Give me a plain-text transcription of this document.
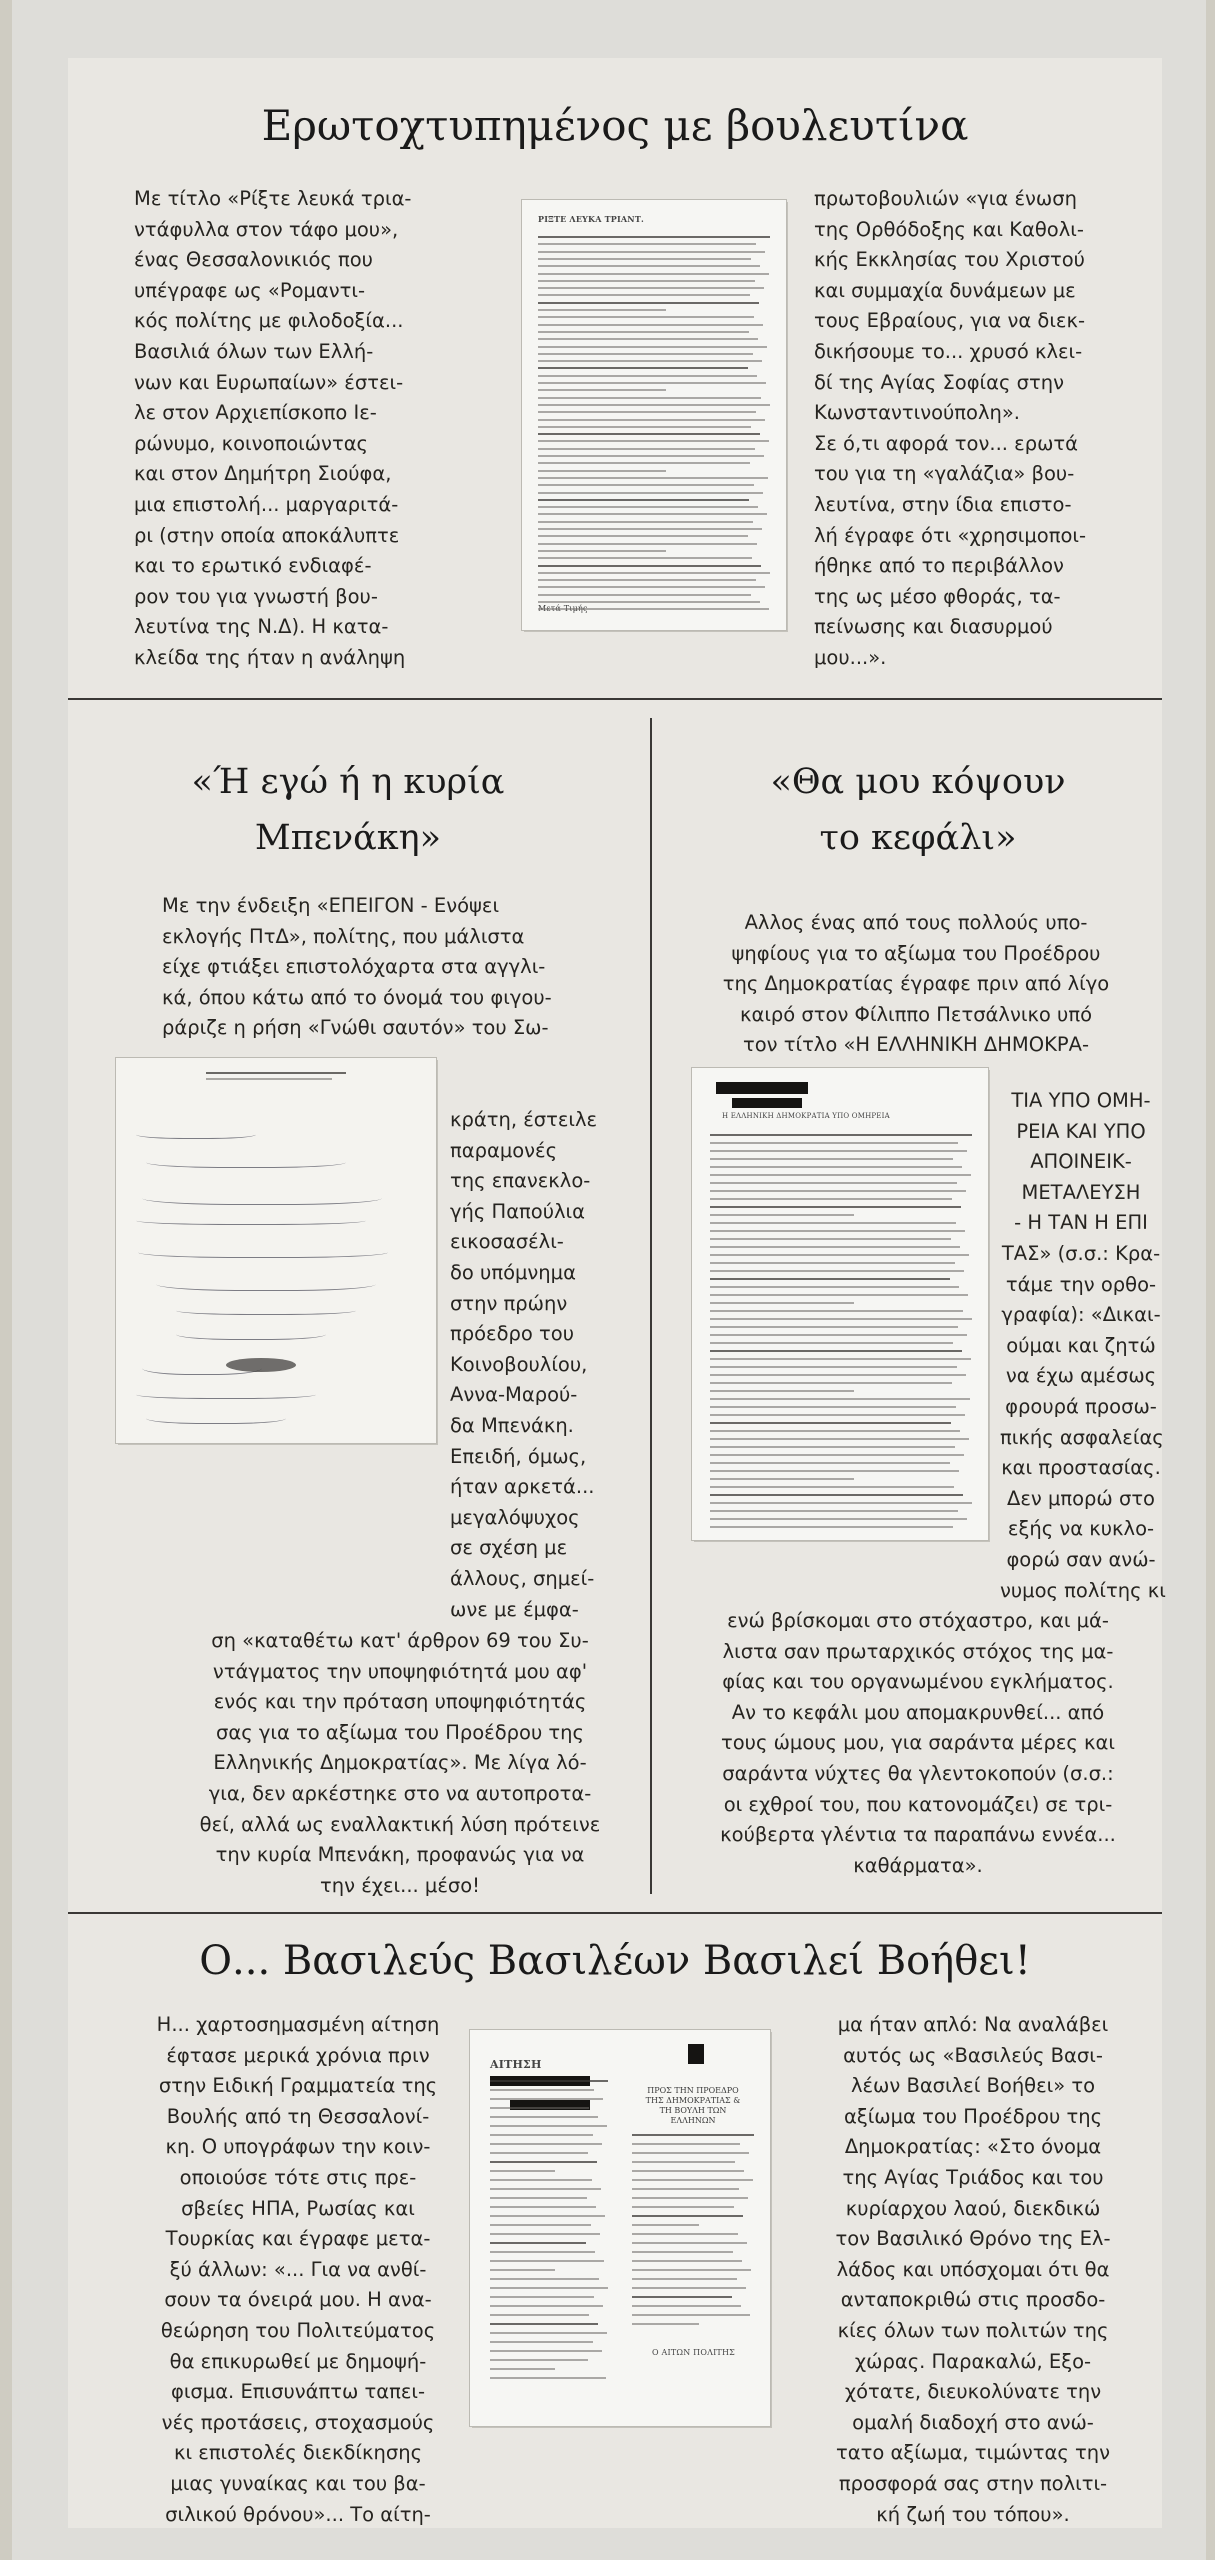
Ερωτοχτυπημένος με βουλευτίνα
Με τίτλο «Ρίξτε λευκά τρια-
ντάφυλλα στον τάφο μου»,
ένας Θεσσαλονικιός που
υπέγραφε ως «Ρομαντι-
κός πολίτης με φιλοδοξία...
Βασιλιά όλων των Ελλή-
νων και Ευρωπαίων» έστει-
λε στον Αρχιεπίσκοπο Ιε-
ρώνυμο, κοινοποιώντας
και στον Δημήτρη Σιούφα,
μια επιστολή... μαργαριτά-
ρι (στην οποία αποκάλυπτε
και το ερωτικό ενδιαφέ-
ρον του για γνωστή βου-
λευτίνα της Ν.Δ). Η κατα-
κλείδα της ήταν η ανάληψη
ΡΙΞΤΕ ΛΕΥΚΑ ΤΡΙΑΝΤ.
πρωτοβουλιών «για ένωση
της Ορθόδοξης και Καθολι-
κής Εκκλησίας του Χριστού
και συμμαχία δυνάμεων με
τους Εβραίους, για να διεκ-
δικήσουμε το... χρυσό κλει-
δί της Αγίας Σοφίας στην
Κωνσταντινούπολη».
Σε ό,τι αφορά τον... ερωτά
του για τη «γαλάζια» βου-
λευτίνα, στην ίδια επιστο-
λή έγραφε ότι «χρησιμοποι-
ήθηκε από το περιβάλλον
της ως μέσο φθοράς, τα-
πείνωσης και διασυρμού
μου...».
«Ή εγώ ή η κυρία
Μπενάκη»
Με την ένδειξη «ΕΠΕΙΓΟΝ - Ενόψει
εκλογής ΠτΔ», πολίτης, που μάλιστα
είχε φτιάξει επιστολόχαρτα στα αγγλι-
κά, όπου κάτω από το όνομά του φιγου-
ράριζε η ρήση «Γνώθι σαυτόν» του Σω-
κράτη, έστειλε
παραμονές
της επανεκλο-
γής Παπούλια
εικοσασέλι-
δο υπόμνημα
στην πρώην
πρόεδρο του
Κοινοβουλίου,
Αννα-Μαρού-
δα Μπενάκη.
Επειδή, όμως,
ήταν αρκετά...
μεγαλόψυχος
σε σχέση με
άλλους, σημεί-
ωνε με έμφα-
ση «καταθέτω κατ' άρθρον 69 του Συ-
ντάγματος την υποψηφιότητά μου αφ'
ενός και την πρόταση υποψηφιότητάς
σας για το αξίωμα του Προέδρου της
Ελληνικής Δημοκρατίας». Με λίγα λό-
για, δεν αρκέστηκε στο να αυτοπροτα-
θεί, αλλά ως εναλλακτική λύση πρότεινε
την κυρία Μπενάκη, προφανώς για να
την έχει... μέσο!
«Θα μου κόψουν
το κεφάλι»
Αλλος ένας από τους πολλούς υπο-
ψηφίους για το αξίωμα του Προέδρου
της Δημοκρατίας έγραφε πριν από λίγο
καιρό στον Φίλιππο Πετσάλνικο υπό
τον τίτλο «Η ΕΛΛΗΝΙΚΗ ΔΗΜΟΚΡΑ-
Η ΕΛΛΗΝΙΚΗ ΔΗΜΟΚΡΑΤΙΑ ΥΠΟ ΟΜΗΡΕΙΑ
ΤΙΑ ΥΠΟ ΟΜΗ-
ΡΕΙΑ ΚΑΙ ΥΠΟ
ΑΠΟΙΝΕΙΚ-
ΜΕΤΑΛΕΥΣΗ
- Η ΤΑΝ Η ΕΠΙ
ΤΑΣ» (σ.σ.: Κρα-
τάμε την ορθο-
γραφία): «Δικαι-
ούμαι και ζητώ
να έχω αμέσως
φρουρά προσω-
πικής ασφαλείας
και προστασίας.
Δεν μπορώ στο
εξής να κυκλο-
φορώ σαν ανώ-
νυμος πολίτης κι
ενώ βρίσκομαι στο στόχαστρο, και μά-
λιστα σαν πρωταρχικός στόχος της μα-
φίας και του οργανωμένου εγκλήματος.
Αν το κεφάλι μου απομακρυνθεί... από
τους ώμους μου, για σαράντα μέρες και
σαράντα νύχτες θα γλεντοκοπούν (σ.σ.:
οι εχθροί του, που κατονομάζει) σε τρι-
κούβερτα γλέντια τα παραπάνω εννέα...
καθάρματα».
Ο... Βασιλεύς Βασιλέων Βασιλεί Βοήθει!
Η... χαρτοσημασμένη αίτηση
έφτασε μερικά χρόνια πριν
στην Ειδική Γραμματεία της
Βουλής από τη Θεσσαλονί-
κη. Ο υπογράφων την κοιν-
οποιούσε τότε στις πρε-
σβείες ΗΠΑ, Ρωσίας και
Τουρκίας και έγραφε μετα-
ξύ άλλων: «... Για να ανθί-
σουν τα όνειρά μου. Η ανα-
θεώρηση του Πολιτεύματος
θα επικυρωθεί με δημοψή-
φισμα. Επισυνάπτω ταπει-
νές προτάσεις, στοχασμούς
κι επιστολές διεκδίκησης
μιας γυναίκας και του βα-
σιλικού θρόνου»... Το αίτη-
ΑΙΤΗΣΗ
ΠΡΟΣ ΤΗΝ ΠΡΟΕΔΡΟ
ΤΗΣ ΔΗΜΟΚΡΑΤΙΑΣ &
ΤΗ ΒΟΥΛΗ ΤΩΝ
ΕΛΛΗΝΩΝ
Ο ΑΙΤΩΝ ΠΟΛΙΤΗΣ
μα ήταν απλό: Να αναλάβει
αυτός ως «Βασιλεύς Βασι-
λέων Βασιλεί Βοήθει» το
αξίωμα του Προέδρου της
Δημοκρατίας: «Στο όνομα
της Αγίας Τριάδος και του
κυρίαρχου λαού, διεκδικώ
τον Βασιλικό Θρόνο της Ελ-
λάδος και υπόσχομαι ότι θα
ανταποκριθώ στις προσδο-
κίες όλων των πολιτών της
χώρας. Παρακαλώ, Εξο-
χότατε, διευκολύνατε την
ομαλή διαδοχή στο ανώ-
τατο αξίωμα, τιμώντας την
προσφορά σας στην πολιτι-
κή ζωή του τόπου».
